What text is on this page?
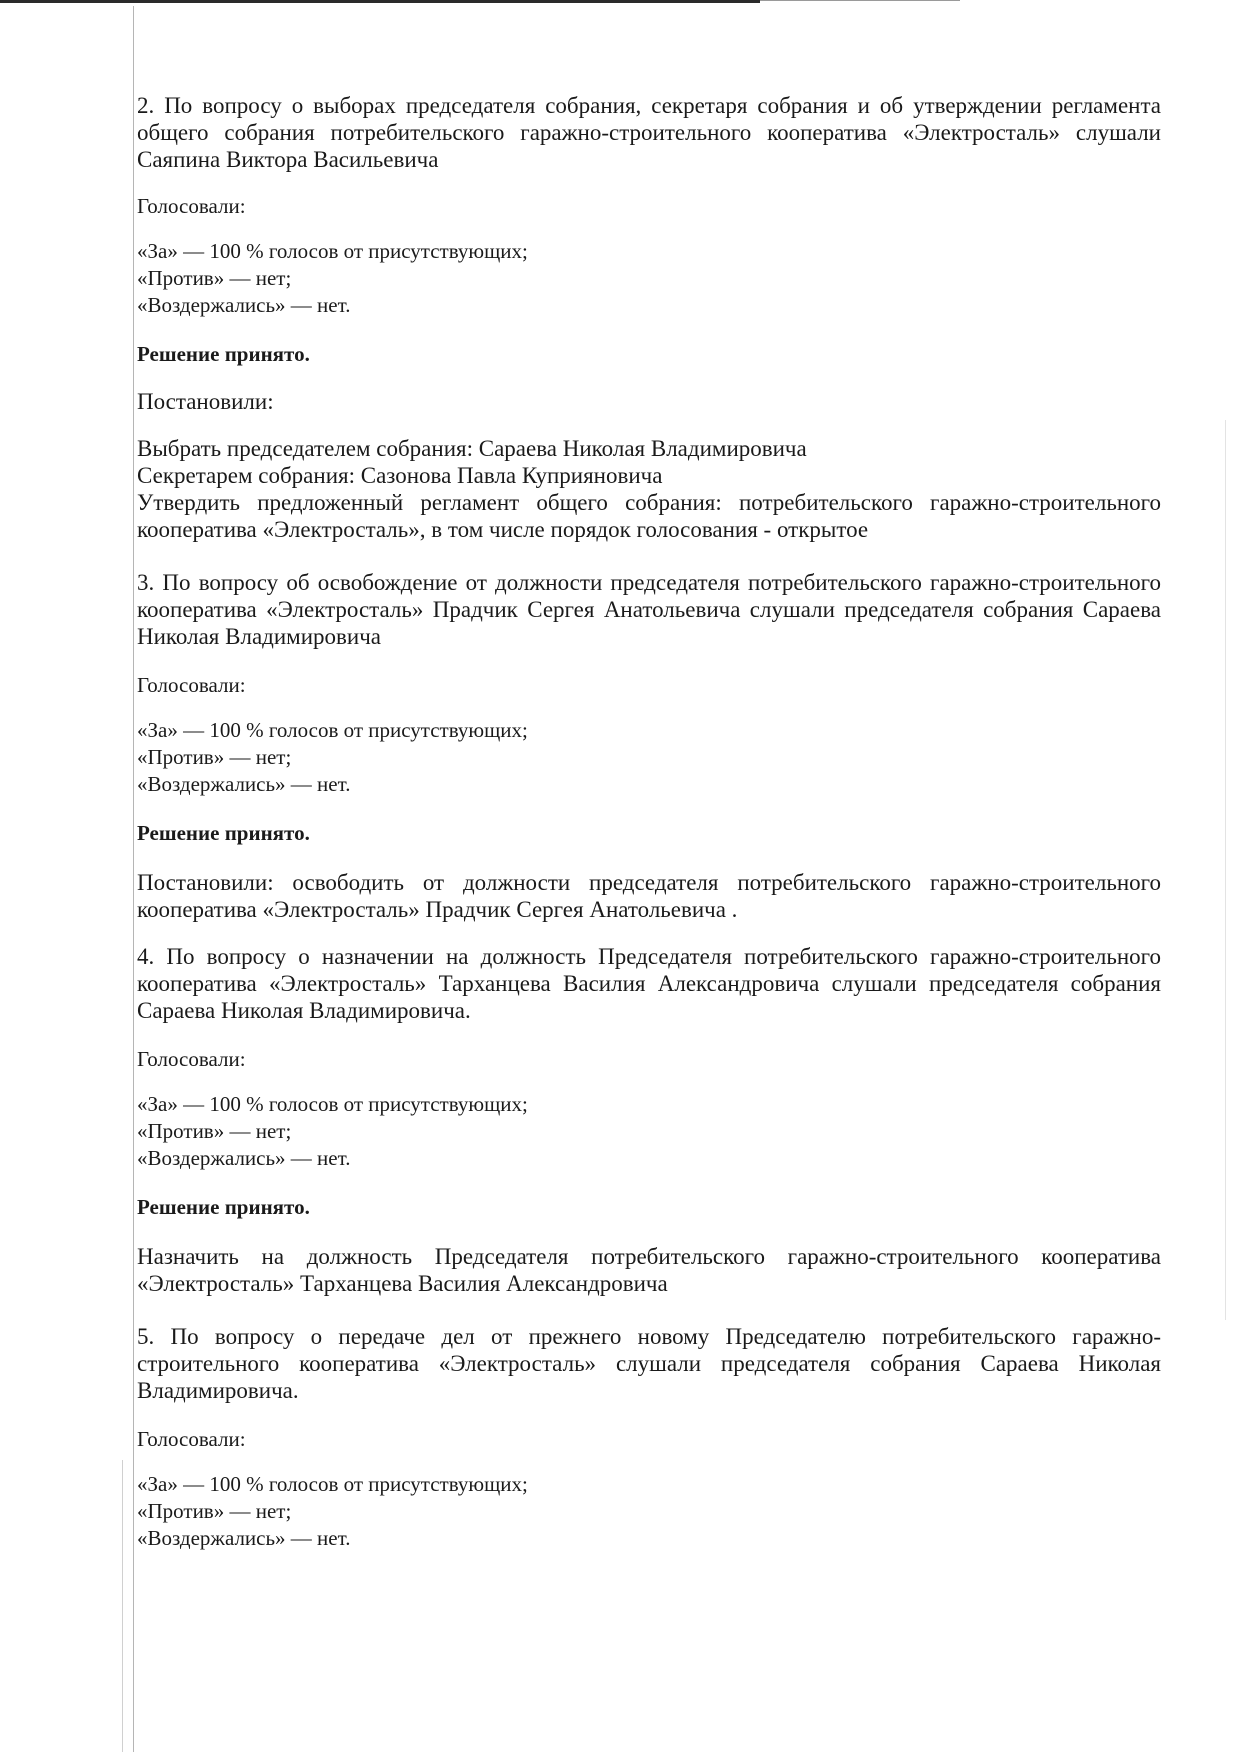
2. По вопросу о выборах председателя собрания, секретаря собрания и об утверждении регламента общего собрания потребительского гаражно-строительного кооператива «Электросталь» слушали Саяпина Виктора Васильевича

Голосовали:

«За» — 100 % голосов от присутствующих;

«Против» — нет;

«Воздержались» — нет.

Решение принято.

Постановили:

Выбрать председателем собрания: Сараева Николая Владимировича

Секретарем собрания: Сазонова Павла Куприяновича

Утвердить предложенный регламент общего собрания: потребительского гаражно-строительного кооператива «Электросталь», в том числе порядок голосования - открытое

3. По вопросу об освобождение от должности председателя потребительского гаражно-строительного кооператива «Электросталь» Прадчик Сергея Анатольевича слушали председателя собрания Сараева Николая Владимировича

Голосовали:

«За» — 100 % голосов от присутствующих;

«Против» — нет;

«Воздержались» — нет.

Решение принято.

Постановили: освободить от должности председателя потребительского гаражно-строительного кооператива «Электросталь» Прадчик Сергея Анатольевича .

4. По вопросу о назначении на должность Председателя потребительского гаражно-строительного кооператива «Электросталь» Тарханцева Василия Александровича слушали председателя собрания Сараева Николая Владимировича.

Голосовали:

«За» — 100 % голосов от присутствующих;

«Против» — нет;

«Воздержались» — нет.

Решение принято.

Назначить на должность Председателя потребительского гаражно-строительного кооператива «Электросталь» Тарханцева Василия Александровича

5. По вопросу о передаче дел от прежнего новому Председателю потребительского гаражно-строительного кооператива «Электросталь» слушали председателя собрания Сараева Николая Владимировича.

Голосовали:

«За» — 100 % голосов от присутствующих;

«Против» — нет;

«Воздержались» — нет.
